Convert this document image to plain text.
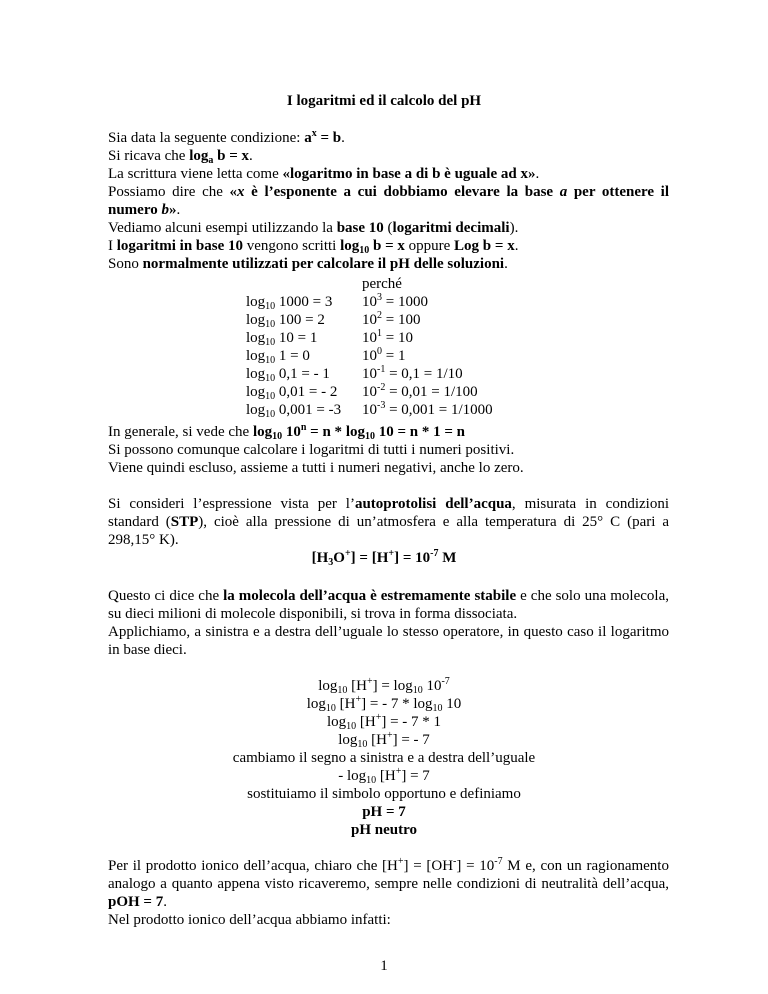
I logaritmi ed il calcolo del pH
Sia data la seguente condizione: $a^x = b$.
Si ricava che $\log_a b = x$.
La scrittura viene letta come «logaritmo in base a di b è uguale ad x».
Possiamo dire che «x è l’esponente a cui dobbiamo elevare la base a per ottenere il
numero b».
Vediamo alcuni esempi utilizzando la base 10 (logaritmi decimali).
I logaritmi in base 10 vengono scritti $\log_{10} b = x$ oppure Log b = x.
Sono normalmente utilizzati per calcolare il pH delle soluzioni.
perché
$\log_{10} 1000 = 3$ $10^3 = 1000$
$\log_{10} 100 = 2$ $10^2 = 100$
$\log_{10} 10 = 1$	$10^1 = 10$
$\log_{10} 1 = 0$	$10^0 = 1$
$\log_{10} 0,1$ = - 1 $10^{-1} = 0,1 = 1/10$
$\log_{10} 0,01$ = - 2 $10^{-2} = 0,01 = 1/100$
$\log_{10} 0,001 = -3$ $10^{-3} = 0,001 = 1/1000$
In generale, si vede che $\log_{10} 10^n = n * \log_{10} 10 = n * 1 = n$
Si possono comunque calcolare i logaritmi di tutti i numeri positivi.
Viene quindi escluso, assieme a tutti i numeri negativi, anche lo zero.
Si consideri l’espressione vista per l’autoprotolisi dell’acqua, misurata in condizioni standard (STP), cioè alla pressione di un’atmosfera e alla temperatura di 25° C (pari a 298,15° K).
$[H_3O^+] = [H^+] = 10^{-7}$ M
Questo ci dice che la molecola dell’acqua è estremamente stabile e che solo una molecola, su dieci milioni di molecole disponibili, si trova in forma dissociata.
Applichiamo, a sinistra e a destra dell’uguale lo stesso operatore, in questo caso il logaritmo in base dieci.
$\log_{10} [H^+] = \log_{10} 10^{-7}$
$\log_{10} [H^+]$ = - $7 * \log_{10} 10$
$\log_{10} [H^+]$ = - 7 * 1
$\log_{10} [H^+]$ = - 7
cambiamo il segno a sinistra e a destra dell’uguale
- $\log_{10} [H^+] = 7$
sostituiamo il simbolo opportuno e definiamo
pH = 7
pH neutro
Per il prodotto ionico dell’acqua, chiaro che $[H^+] = [OH^-] = 10^{-7}$ M e, con un ragionamento analogo a quanto appena visto ricaveremo, sempre nelle condizioni di neutralità dell’acqua, pOH = 7.
Nel prodotto ionico dell’acqua abbiamo infatti:
1
